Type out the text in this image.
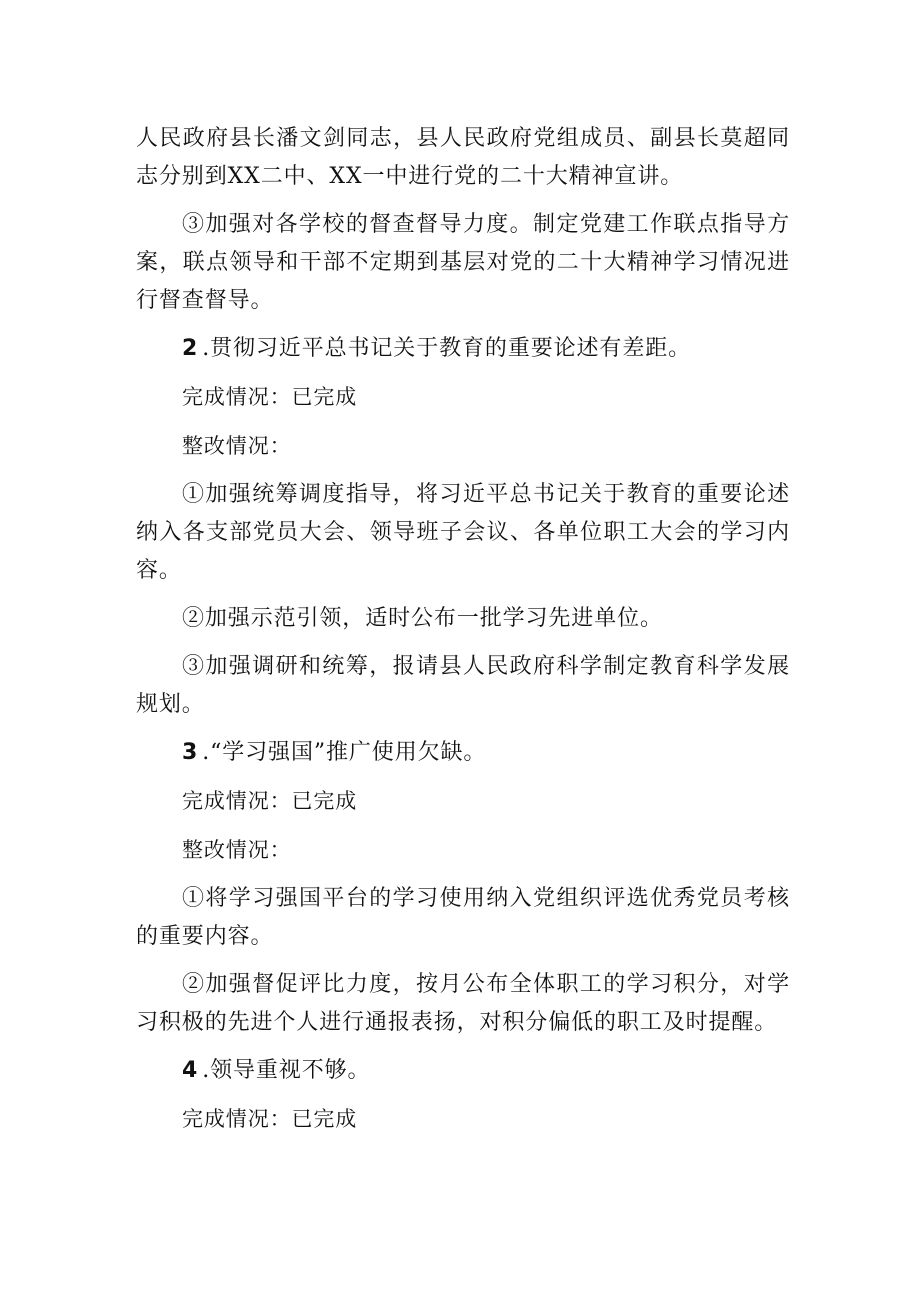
人民政府县长潘文剑同志，县人民政府党组成员、副县长莫超同志分别到XX二中、XX一中进行党的二十大精神宣讲。

③加强对各学校的督查督导力度。制定党建工作联点指导方案，联点领导和干部不定期到基层对党的二十大精神学习情况进行督查督导。

2 .贯彻习近平总书记关于教育的重要论述有差距。

完成情况：已完成

整改情况：

①加强统筹调度指导，将习近平总书记关于教育的重要论述纳入各支部党员大会、领导班子会议、各单位职工大会的学习内容。

②加强示范引领，适时公布一批学习先进单位。

③加强调研和统筹，报请县人民政府科学制定教育科学发展规划。

3 .“学习强国”推广使用欠缺。

完成情况：已完成

整改情况：

①将学习强国平台的学习使用纳入党组织评选优秀党员考核的重要内容。

②加强督促评比力度，按月公布全体职工的学习积分，对学习积极的先进个人进行通报表扬，对积分偏低的职工及时提醒。

4 .领导重视不够。

完成情况：已完成
